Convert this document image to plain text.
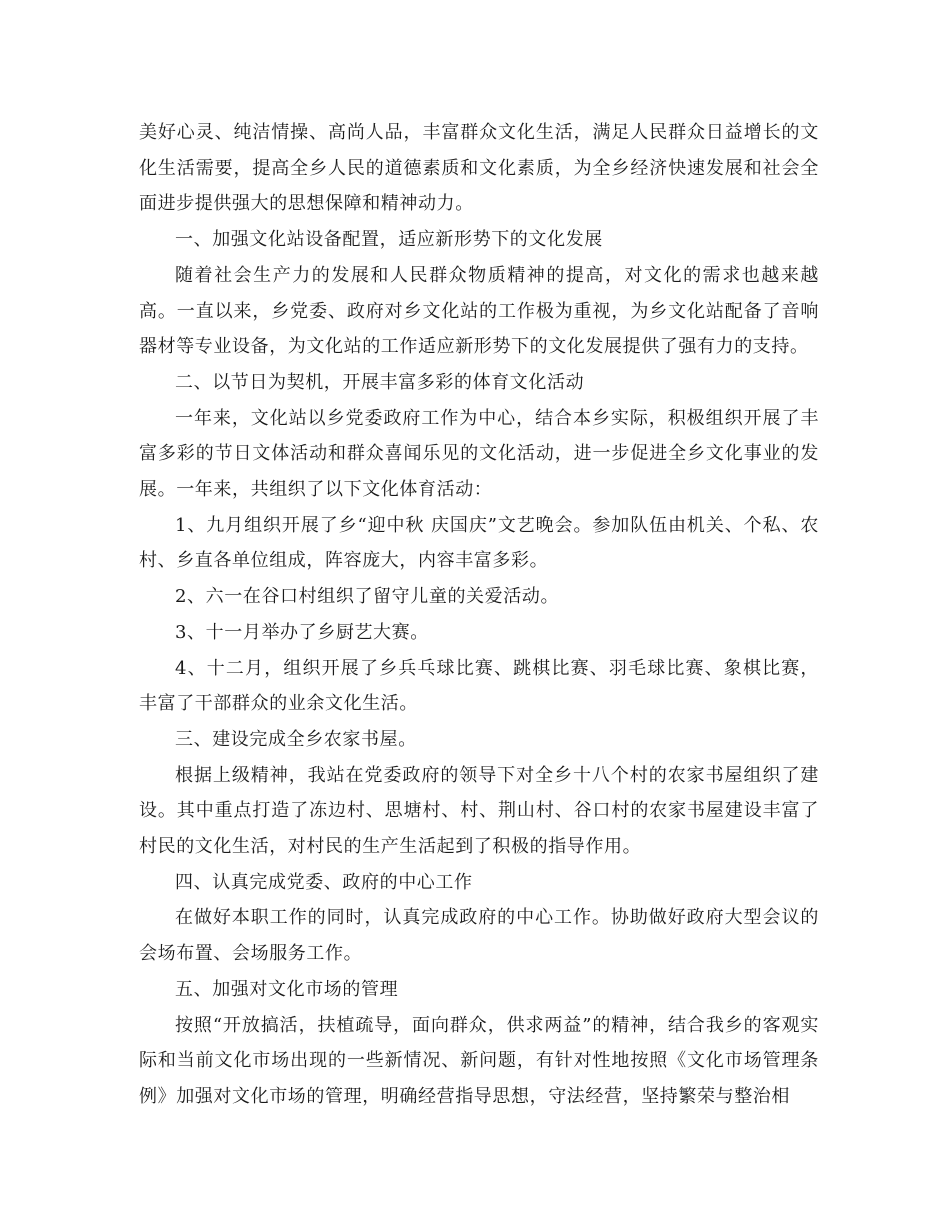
美好心灵、纯洁情操、高尚人品，丰富群众文化生活，满足人民群众日益增长的文化生活需要，提高全乡人民的道德素质和文化素质，为全乡经济快速发展和社会全面进步提供强大的思想保障和精神动力。

一、加强文化站设备配置，适应新形势下的文化发展

随着社会生产力的发展和人民群众物质精神的提高，对文化的需求也越来越高。一直以来，乡党委、政府对乡文化站的工作极为重视，为乡文化站配备了音响器材等专业设备，为文化站的工作适应新形势下的文化发展提供了强有力的支持。

二、以节日为契机，开展丰富多彩的体育文化活动

一年来，文化站以乡党委政府工作为中心，结合本乡实际，积极组织开展了丰富多彩的节日文体活动和群众喜闻乐见的文化活动，进一步促进全乡文化事业的发展。一年来，共组织了以下文化体育活动：

1、九月组织开展了乡“迎中秋 庆国庆”文艺晚会。参加队伍由机关、个私、农村、乡直各单位组成，阵容庞大，内容丰富多彩。

2、六一在谷口村组织了留守儿童的关爱活动。

3、十一月举办了乡厨艺大赛。

4、十二月，组织开展了乡兵乓球比赛、跳棋比赛、羽毛球比赛、象棋比赛，丰富了干部群众的业余文化生活。

三、建设完成全乡农家书屋。

根据上级精神，我站在党委政府的领导下对全乡十八个村的农家书屋组织了建设。其中重点打造了冻边村、思塘村、村、荆山村、谷口村的农家书屋建设丰富了村民的文化生活，对村民的生产生活起到了积极的指导作用。

四、认真完成党委、政府的中心工作

在做好本职工作的同时，认真完成政府的中心工作。协助做好政府大型会议的会场布置、会场服务工作。

五、加强对文化市场的管理

按照“开放搞活，扶植疏导，面向群众，供求两益”的精神，结合我乡的客观实际和当前文化市场出现的一些新情况、新问题，有针对性地按照《文化市场管理条例》加强对文化市场的管理，明确经营指导思想，守法经营，坚持繁荣与整治相
